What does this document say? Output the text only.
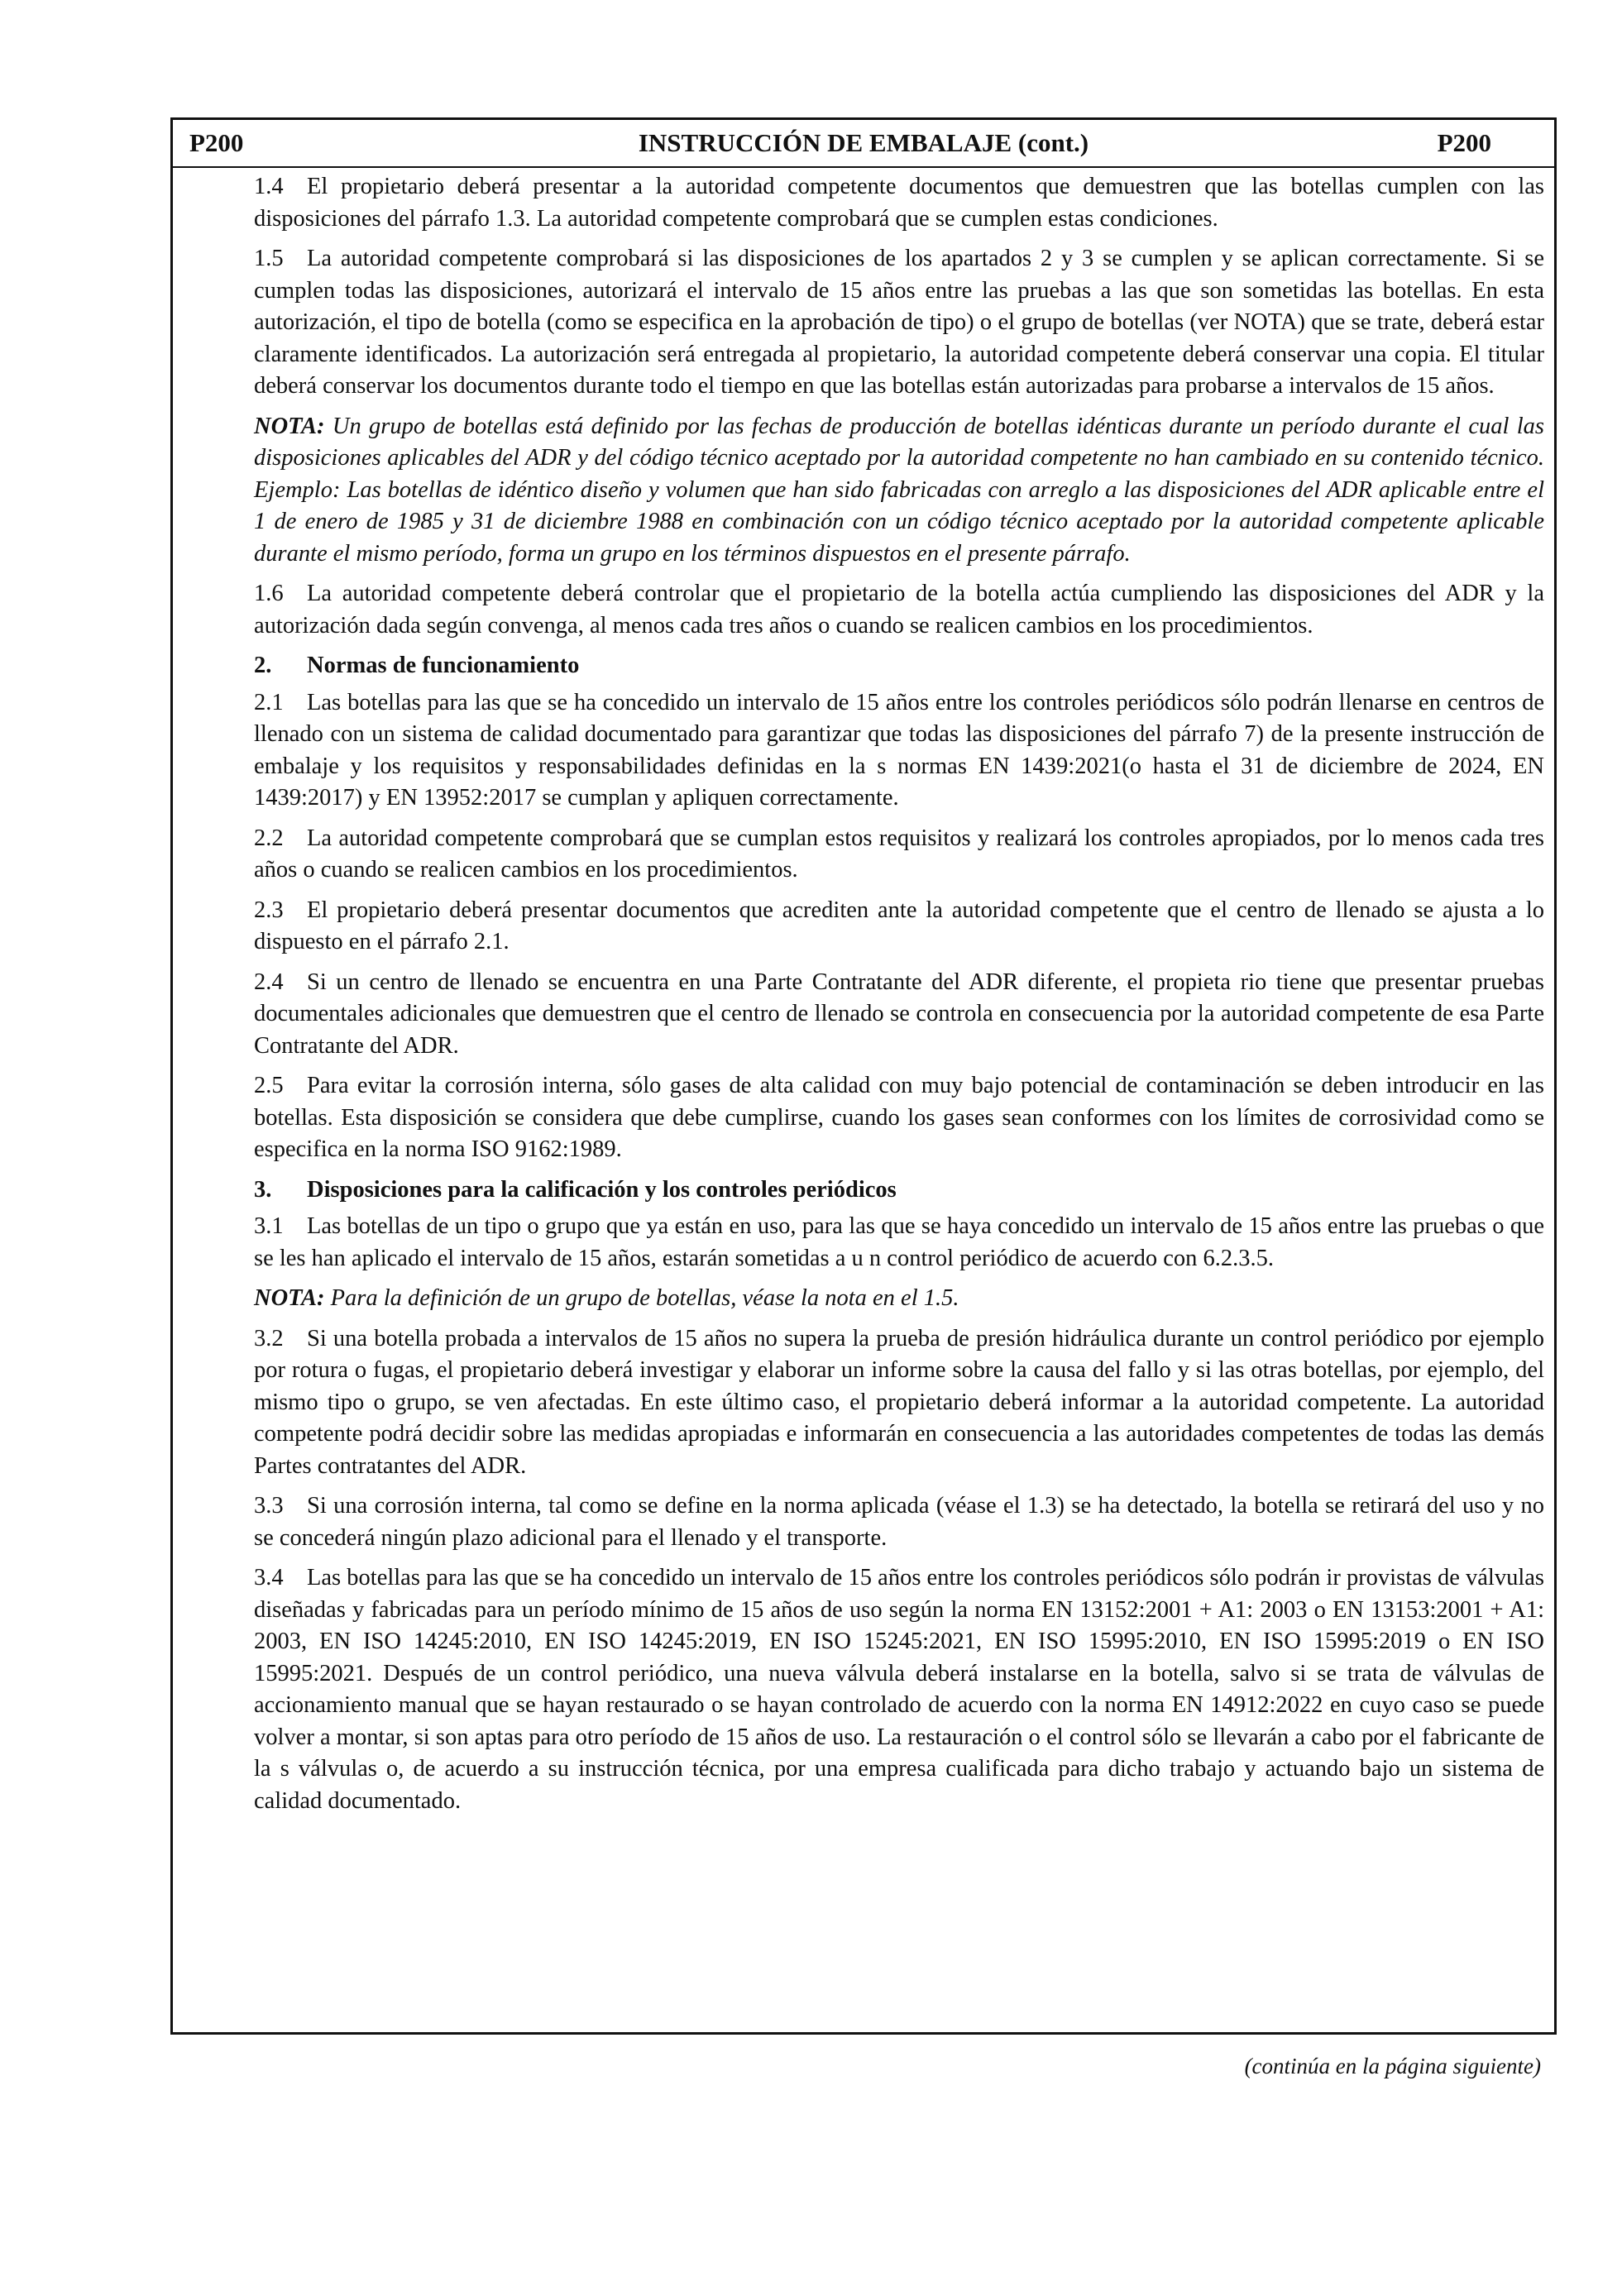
INSTRUCCIÓN DE EMBALAJE (cont.)
P200	P200

1.4 El propietario deberá presentar a la autoridad competente documentos que demuestren que las botellas cumplen con las disposiciones del párrafo 1.3. La autoridad competente comprobará que se cumplen estas condiciones.

1.5 La autoridad competente comprobará si las disposiciones de los apartados 2 y 3 se cumplen y se aplican correctamente. Si se cumplen todas las disposiciones, autorizará el intervalo de 15 años entre las pruebas a las que son sometidas las botellas. En esta autorización, el tipo de botella (como se especifica en la aprobación de tipo) o el grupo de botellas (ver NOTA) que se trate, deberá estar claramente identificados. La autorización será entregada al propietario, la autoridad competente deberá conservar una copia. El titular deberá conservar los documentos durante todo el tiempo en que las botellas están autorizadas para probarse a intervalos de 15 años.

NOTA: Un grupo de botellas está definido por las fechas de producción de botellas idénticas durante un período durante el cual las disposiciones aplicables del ADR y del código técnico aceptado por la autoridad competente no han cambiado en su contenido técnico. Ejemplo: Las botellas de idéntico diseño y volumen que han sido fabricadas con arreglo a las disposiciones del ADR aplicable entre el 1 de enero de 1985 y 31 de diciembre 1988 en combinación con un código técnico aceptado por la autoridad competente aplicable durante el mismo período, forma un grupo en los términos dispuestos en el presente párrafo.

1.6 La autoridad competente deberá controlar que el propietario de la botella actúa cumpliendo las disposiciones del ADR y la autorización dada según convenga, al menos cada tres años o cuando se realicen cambios en los procedimientos.

2. Normas de funcionamiento

2.1 Las botellas para las que se ha concedido un intervalo de 15 años entre los controles periódicos sólo podrán llenarse en centros de llenado con un sistema de calidad documentado para garantizar que todas las disposiciones del párrafo 7) de la presente instrucción de embalaje y los requisitos y responsabilidades definidas en la s normas EN 1439:2021(o hasta el 31 de diciembre de 2024, EN 1439:2017) y EN 13952:2017 se cumplan y apliquen correctamente.

2.2 La autoridad competente comprobará que se cumplan estos requisitos y realizará los controles apropiados, por lo menos cada tres años o cuando se realicen cambios en los procedimientos.

2.3 El propietario deberá presentar documentos que acrediten ante la autoridad competente que el centro de llenado se ajusta a lo dispuesto en el párrafo 2.1.

2.4 Si un centro de llenado se encuentra en una Parte Contratante del ADR diferente, el propieta rio tiene que presentar pruebas documentales adicionales que demuestren que el centro de llenado se controla en consecuencia por la autoridad competente de esa Parte Contratante del ADR.

2.5 Para evitar la corrosión interna, sólo gases de alta calidad con muy bajo potencial de contaminación se deben introducir en las botellas. Esta disposición se considera que debe cumplirse, cuando los gases sean conformes con los límites de corrosividad como se especifica en la norma ISO 9162:1989.

3. Disposiciones para la calificación y los controles periódicos

3.1 Las botellas de un tipo o grupo que ya están en uso, para las que se haya concedido un intervalo de 15 años entre las pruebas o que se les han aplicado el intervalo de 15 años, estarán sometidas a u n control periódico de acuerdo con 6.2.3.5.

NOTA: Para la definición de un grupo de botellas, véase la nota en el 1.5.

3.2 Si una botella probada a intervalos de 15 años no supera la prueba de presión hidráulica durante un control periódico por ejemplo por rotura o fugas, el propietario deberá investigar y elaborar un informe sobre la causa del fallo y si las otras botellas, por ejemplo, del mismo tipo o grupo, se ven afectadas. En este último caso, el propietario deberá informar a la autoridad competente. La autoridad competente podrá decidir sobre las medidas apropiadas e informarán en consecuencia a las autoridades competentes de todas las demás Partes contratantes del ADR.

3.3 Si una corrosión interna, tal como se define en la norma aplicada (véase el 1.3) se ha detectado, la botella se retirará del uso y no se concederá ningún plazo adicional para el llenado y el transporte.

3.4 Las botellas para las que se ha concedido un intervalo de 15 años entre los controles periódicos sólo podrán ir provistas de válvulas diseñadas y fabricadas para un período mínimo de 15 años de uso según la norma EN 13152:2001 + A1: 2003 o EN 13153:2001 + A1: 2003, EN ISO 14245:2010, EN ISO 14245:2019, EN ISO 15245:2021, EN ISO 15995:2010, EN ISO 15995:2019 o EN ISO 15995:2021. Después de un control periódico, una nueva válvula deberá instalarse en la botella, salvo si se trata de válvulas de accionamiento manual que se hayan restaurado o se hayan controlado de acuerdo con la norma EN 14912:2022 en cuyo caso se puede volver a montar, si son aptas para otro período de 15 años de uso. La restauración o el control sólo se llevarán a cabo por el fabricante de la s válvulas o, de acuerdo a su instrucción técnica, por una empresa cualificada para dicho trabajo y actuando bajo un sistema de calidad documentado.

(continúa en la página siguiente)
